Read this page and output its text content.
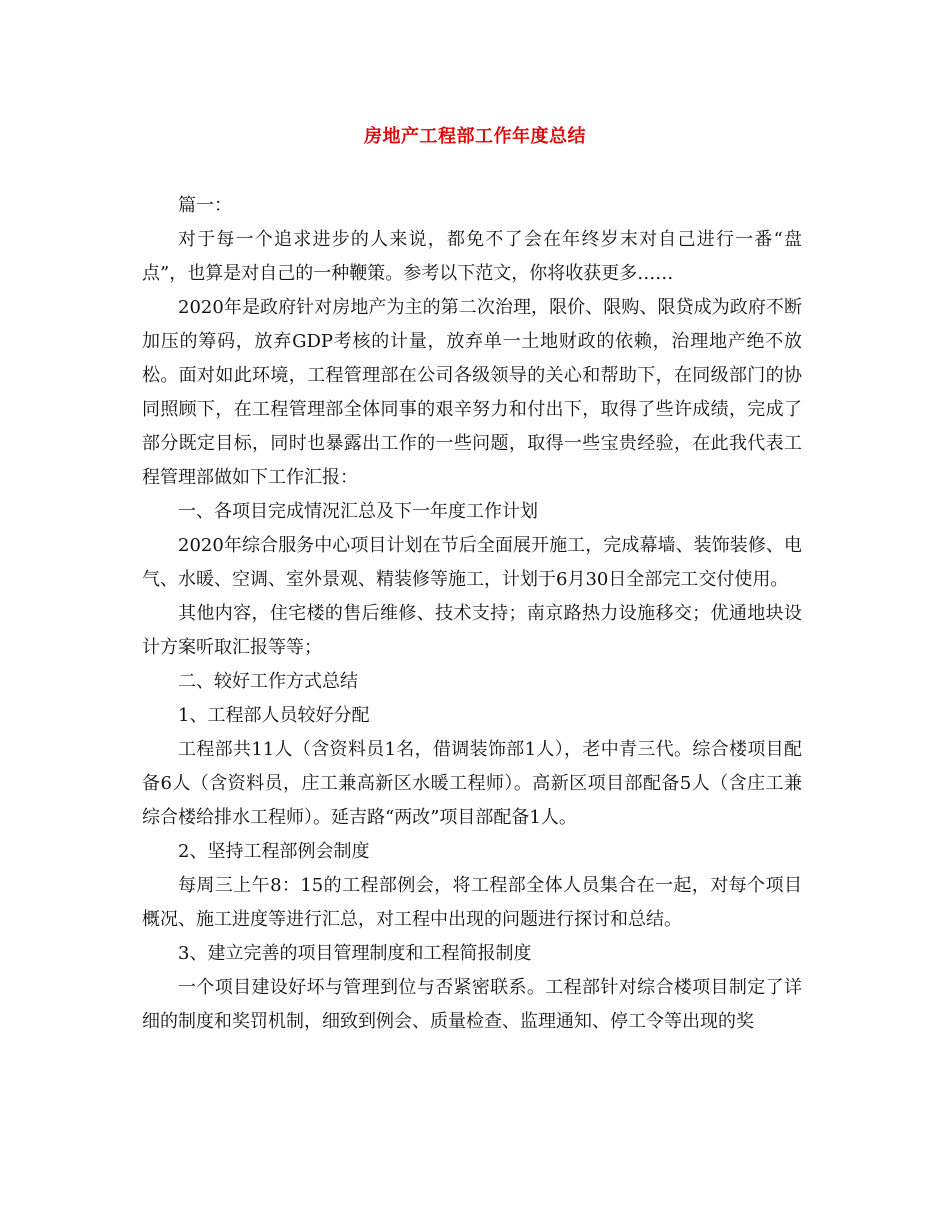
房地产工程部工作年度总结

篇一：

对于每一个追求进步的人来说，都免不了会在年终岁末对自己进行一番“盘点”，也算是对自己的一种鞭策。参考以下范文，你将收获更多……

2020年是政府针对房地产为主的第二次治理，限价、限购、限贷成为政府不断加压的筹码，放弃GDP考核的计量，放弃单一土地财政的依赖，治理地产绝不放松。面对如此环境，工程管理部在公司各级领导的关心和帮助下，在同级部门的协同照顾下，在工程管理部全体同事的艰辛努力和付出下，取得了些许成绩，完成了部分既定目标，同时也暴露出工作的一些问题，取得一些宝贵经验，在此我代表工程管理部做如下工作汇报：

一、各项目完成情况汇总及下一年度工作计划

2020年综合服务中心项目计划在节后全面展开施工，完成幕墙、装饰装修、电气、水暖、空调、室外景观、精装修等施工，计划于6月30日全部完工交付使用。

其他内容，住宅楼的售后维修、技术支持；南京路热力设施移交；优通地块设计方案听取汇报等等；

二、较好工作方式总结

1、工程部人员较好分配

工程部共11人（含资料员1名，借调装饰部1人），老中青三代。综合楼项目配备6人（含资料员，庄工兼高新区水暖工程师）。高新区项目部配备5人（含庄工兼综合楼给排水工程师）。延吉路“两改”项目部配备1人。

2、坚持工程部例会制度

每周三上午8：15的工程部例会，将工程部全体人员集合在一起，对每个项目概况、施工进度等进行汇总，对工程中出现的问题进行探讨和总结。

3、建立完善的项目管理制度和工程简报制度

一个项目建设好坏与管理到位与否紧密联系。工程部针对综合楼项目制定了详细的制度和奖罚机制，细致到例会、质量检查、监理通知、停工令等出现的奖
